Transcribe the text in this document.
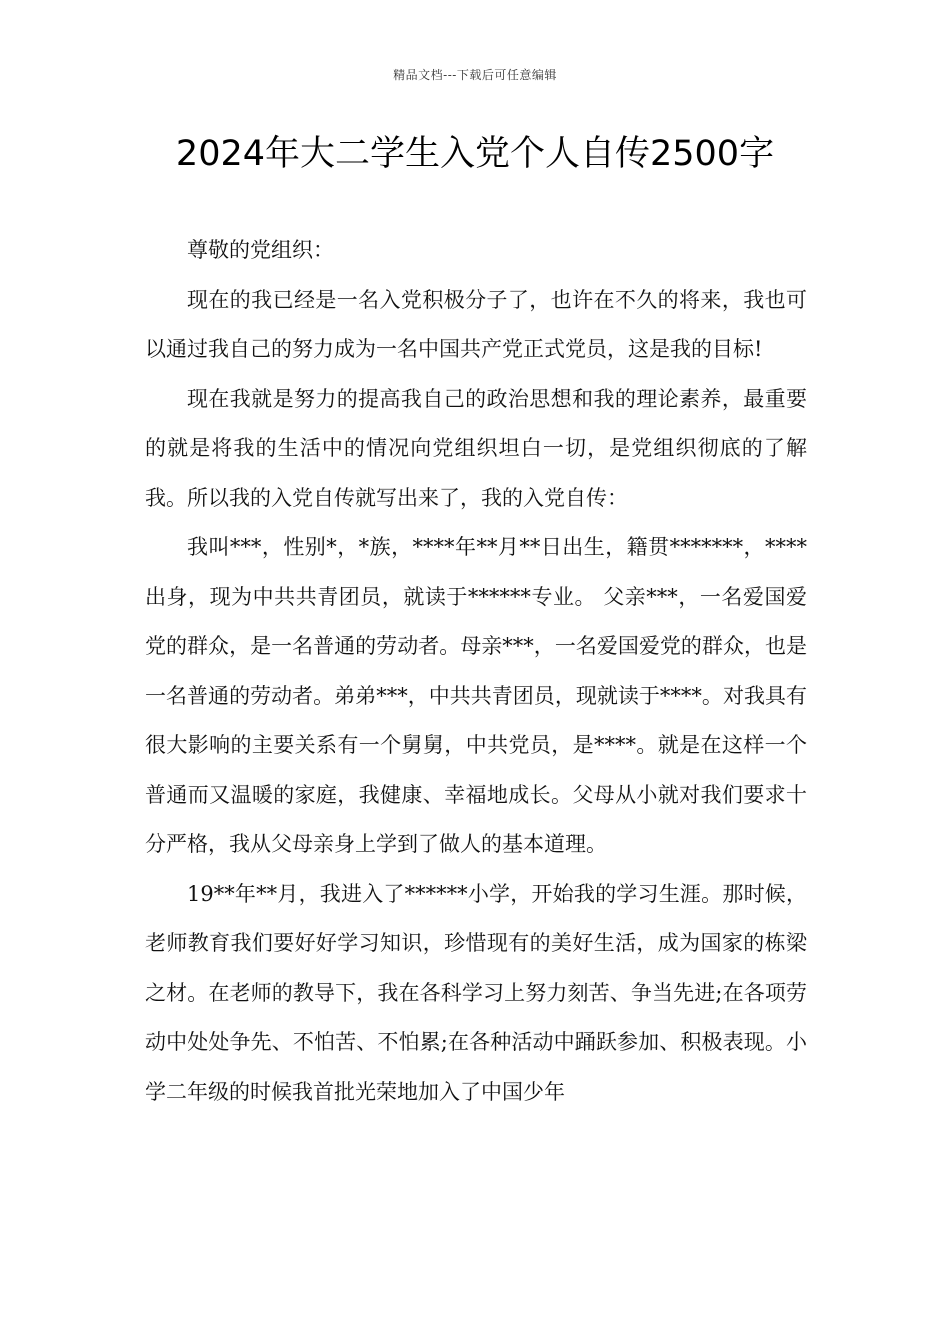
精品文档---下载后可任意编辑
2024年大二学生入党个人自传2500字

尊敬的党组织：

现在的我已经是一名入党积极分子了，也许在不久的将来，我也可以通过我自己的努力成为一名中国共产党正式党员，这是我的目标!

现在我就是努力的提高我自己的政治思想和我的理论素养，最重要的就是将我的生活中的情况向党组织坦白一切，是党组织彻底的了解我。所以我的入党自传就写出来了，我的入党自传：

我叫***，性别*，*族，****年**月**日出生，籍贯*******，****出身，现为中共共青团员，就读于******专业。 父亲***，一名爱国爱党的群众，是一名普通的劳动者。母亲***，一名爱国爱党的群众，也是一名普通的劳动者。弟弟***，中共共青团员，现就读于****。对我具有很大影响的主要关系有一个舅舅，中共党员，是****。就是在这样一个普通而又温暖的家庭，我健康、幸福地成长。父母从小就对我们要求十分严格，我从父母亲身上学到了做人的基本道理。

19**年**月，我进入了******小学，开始我的学习生涯。那时候，老师教育我们要好好学习知识，珍惜现有的美好生活，成为国家的栋梁之材。在老师的教导下，我在各科学习上努力刻苦、争当先进;在各项劳动中处处争先、不怕苦、不怕累;在各种活动中踊跃参加、积极表现。小学二年级的时候我首批光荣地加入了中国少年
